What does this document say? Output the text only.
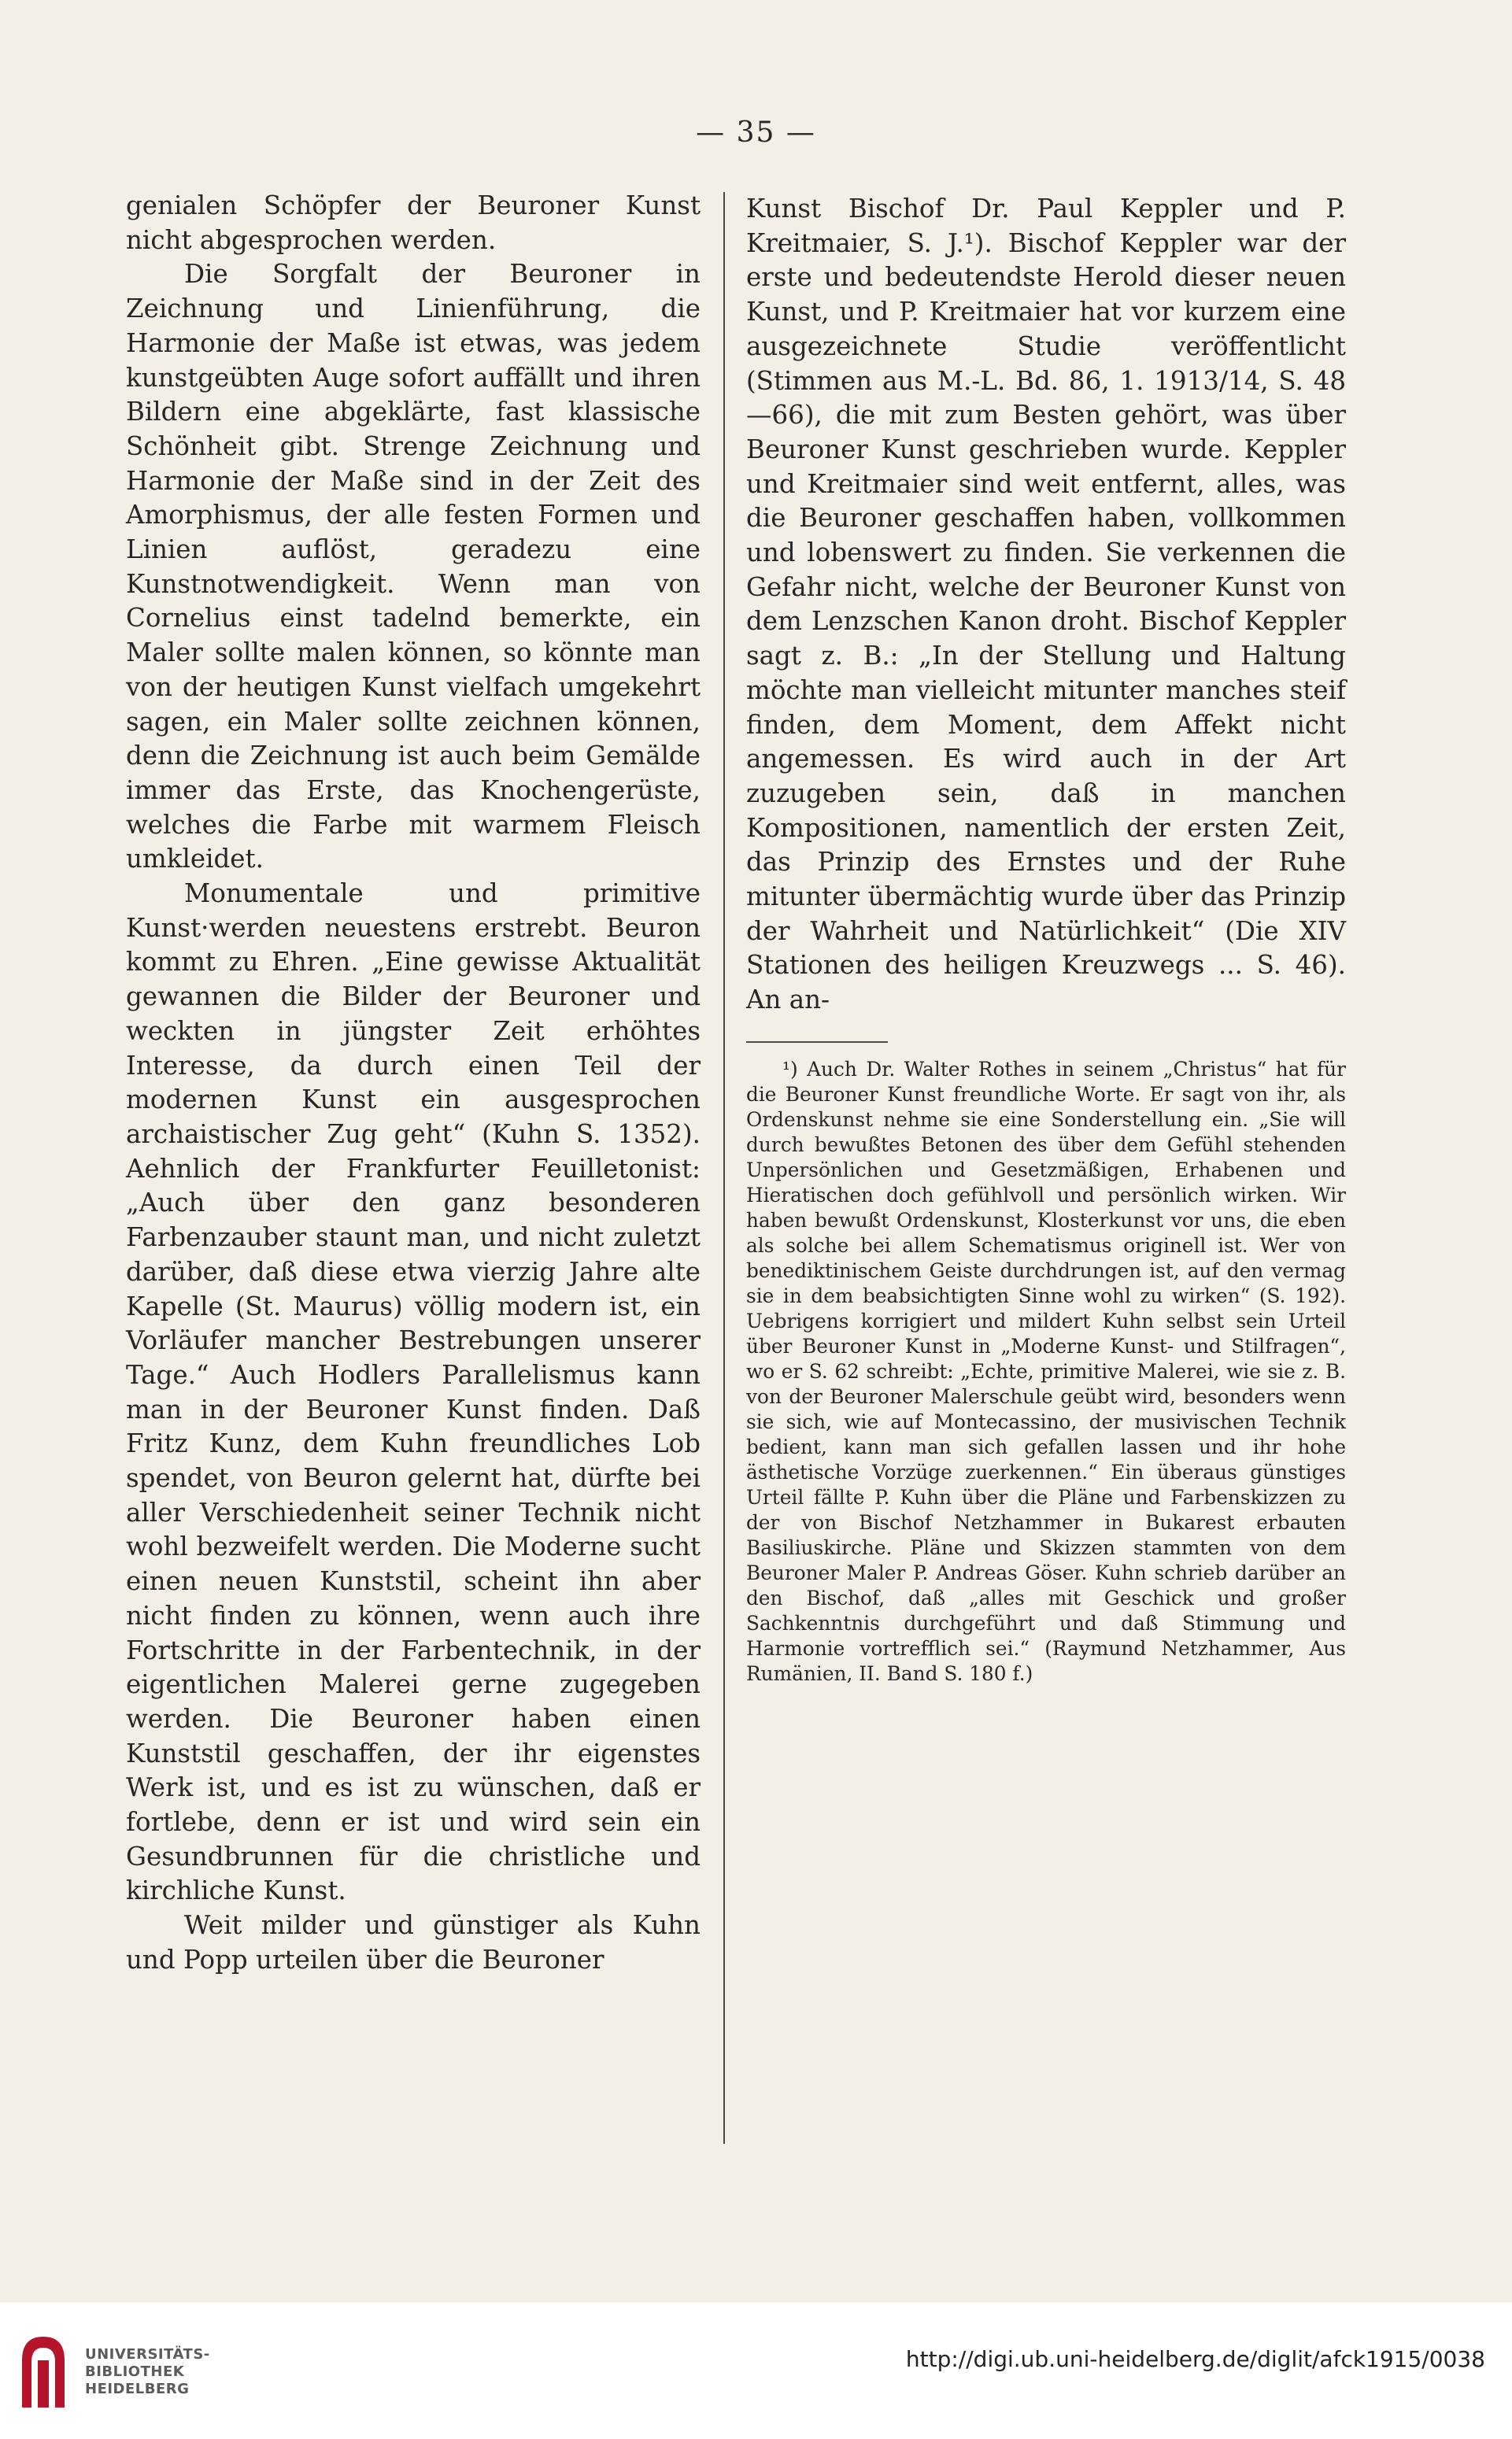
— 35 —

genialen Schöpfer der Beuroner Kunst nicht abgesprochen werden.

Die Sorgfalt der Beuroner in Zeichnung und Linienführung, die Harmonie der Maße ist etwas, was jedem kunstgeübten Auge sofort auffällt und ihren Bildern eine abgeklärte, fast klassische Schönheit gibt. Strenge Zeichnung und Harmonie der Maße sind in der Zeit des Amorphismus, der alle festen Formen und Linien auflöst, geradezu eine Kunstnotwendigkeit. Wenn man von Cornelius einst tadelnd bemerkte, ein Maler sollte malen können, so könnte man von der heutigen Kunst vielfach umgekehrt sagen, ein Maler sollte zeichnen können, denn die Zeichnung ist auch beim Gemälde immer das Erste, das Knochengerüste, welches die Farbe mit warmem Fleisch umkleidet.

Monumentale und primitive Kunst·werden neuestens erstrebt. Beuron kommt zu Ehren. „Eine gewisse Aktualität gewannen die Bilder der Beuroner und weckten in jüngster Zeit erhöhtes Interesse, da durch einen Teil der modernen Kunst ein ausgesprochen archaistischer Zug geht“ (Kuhn S. 1352). Aehnlich der Frankfurter Feuilletonist: „Auch über den ganz besonderen Farbenzauber staunt man, und nicht zuletzt darüber, daß diese etwa vierzig Jahre alte Kapelle (St. Maurus) völlig modern ist, ein Vorläufer mancher Bestrebungen unserer Tage.“ Auch Hodlers Parallelismus kann man in der Beuroner Kunst finden. Daß Fritz Kunz, dem Kuhn freundliches Lob spendet, von Beuron gelernt hat, dürfte bei aller Verschiedenheit seiner Technik nicht wohl bezweifelt werden. Die Moderne sucht einen neuen Kunststil, scheint ihn aber nicht finden zu können, wenn auch ihre Fortschritte in der Farbentechnik, in der eigentlichen Malerei gerne zugegeben werden. Die Beuroner haben einen Kunststil geschaffen, der ihr eigenstes Werk ist, und es ist zu wünschen, daß er fortlebe, denn er ist und wird sein ein Gesundbrunnen für die christliche und kirchliche Kunst.

Weit milder und günstiger als Kuhn und Popp urteilen über die Beuroner

Kunst Bischof Dr. Paul Keppler und P. Kreitmaier, S. J.¹). Bischof Keppler war der erste und bedeutendste Herold dieser neuen Kunst, und P. Kreitmaier hat vor kurzem eine ausgezeichnete Studie veröffentlicht (Stimmen aus M.-L. Bd. 86, 1. 1913/14, S. 48—66), die mit zum Besten gehört, was über Beuroner Kunst geschrieben wurde. Keppler und Kreitmaier sind weit entfernt, alles, was die Beuroner geschaffen haben, vollkommen und lobenswert zu finden. Sie verkennen die Gefahr nicht, welche der Beuroner Kunst von dem Lenzschen Kanon droht. Bischof Keppler sagt z. B.: „In der Stellung und Haltung möchte man vielleicht mitunter manches steif finden, dem Moment, dem Affekt nicht angemessen. Es wird auch in der Art zuzugeben sein, daß in manchen Kompositionen, namentlich der ersten Zeit, das Prinzip des Ernstes und der Ruhe mitunter übermächtig wurde über das Prinzip der Wahrheit und Natürlichkeit“ (Die XIV Stationen des heiligen Kreuzwegs ... S. 46). An an-

¹) Auch Dr. Walter Rothes in seinem „Christus“ hat für die Beuroner Kunst freundliche Worte. Er sagt von ihr, als Ordenskunst nehme sie eine Sonderstellung ein. „Sie will durch bewußtes Betonen des über dem Gefühl stehenden Unpersönlichen und Gesetzmäßigen, Erhabenen und Hieratischen doch gefühlvoll und persönlich wirken. Wir haben bewußt Ordenskunst, Klosterkunst vor uns, die eben als solche bei allem Schematismus originell ist. Wer von benediktinischem Geiste durchdrungen ist, auf den vermag sie in dem beabsichtigten Sinne wohl zu wirken“ (S. 192). Uebrigens korrigiert und mildert Kuhn selbst sein Urteil über Beuroner Kunst in „Moderne Kunst- und Stilfragen“, wo er S. 62 schreibt: „Echte, primitive Malerei, wie sie z. B. von der Beuroner Malerschule geübt wird, besonders wenn sie sich, wie auf Montecassino, der musivischen Technik bedient, kann man sich gefallen lassen und ihr hohe ästhetische Vorzüge zuerkennen.“ Ein überaus günstiges Urteil fällte P. Kuhn über die Pläne und Farbenskizzen zu der von Bischof Netzhammer in Bukarest erbauten Basiliuskirche. Pläne und Skizzen stammten von dem Beuroner Maler P. Andreas Göser. Kuhn schrieb darüber an den Bischof, daß „alles mit Geschick und großer Sachkenntnis durchgeführt und daß Stimmung und Harmonie vortrefflich sei.“ (Raymund Netzhammer, Aus Rumänien, II. Band S. 180 f.)

UNIVERSITÄTS-
BIBLIOTHEK
HEIDELBERG
http://digi.ub.uni-heidelberg.de/diglit/afck1915/0038
